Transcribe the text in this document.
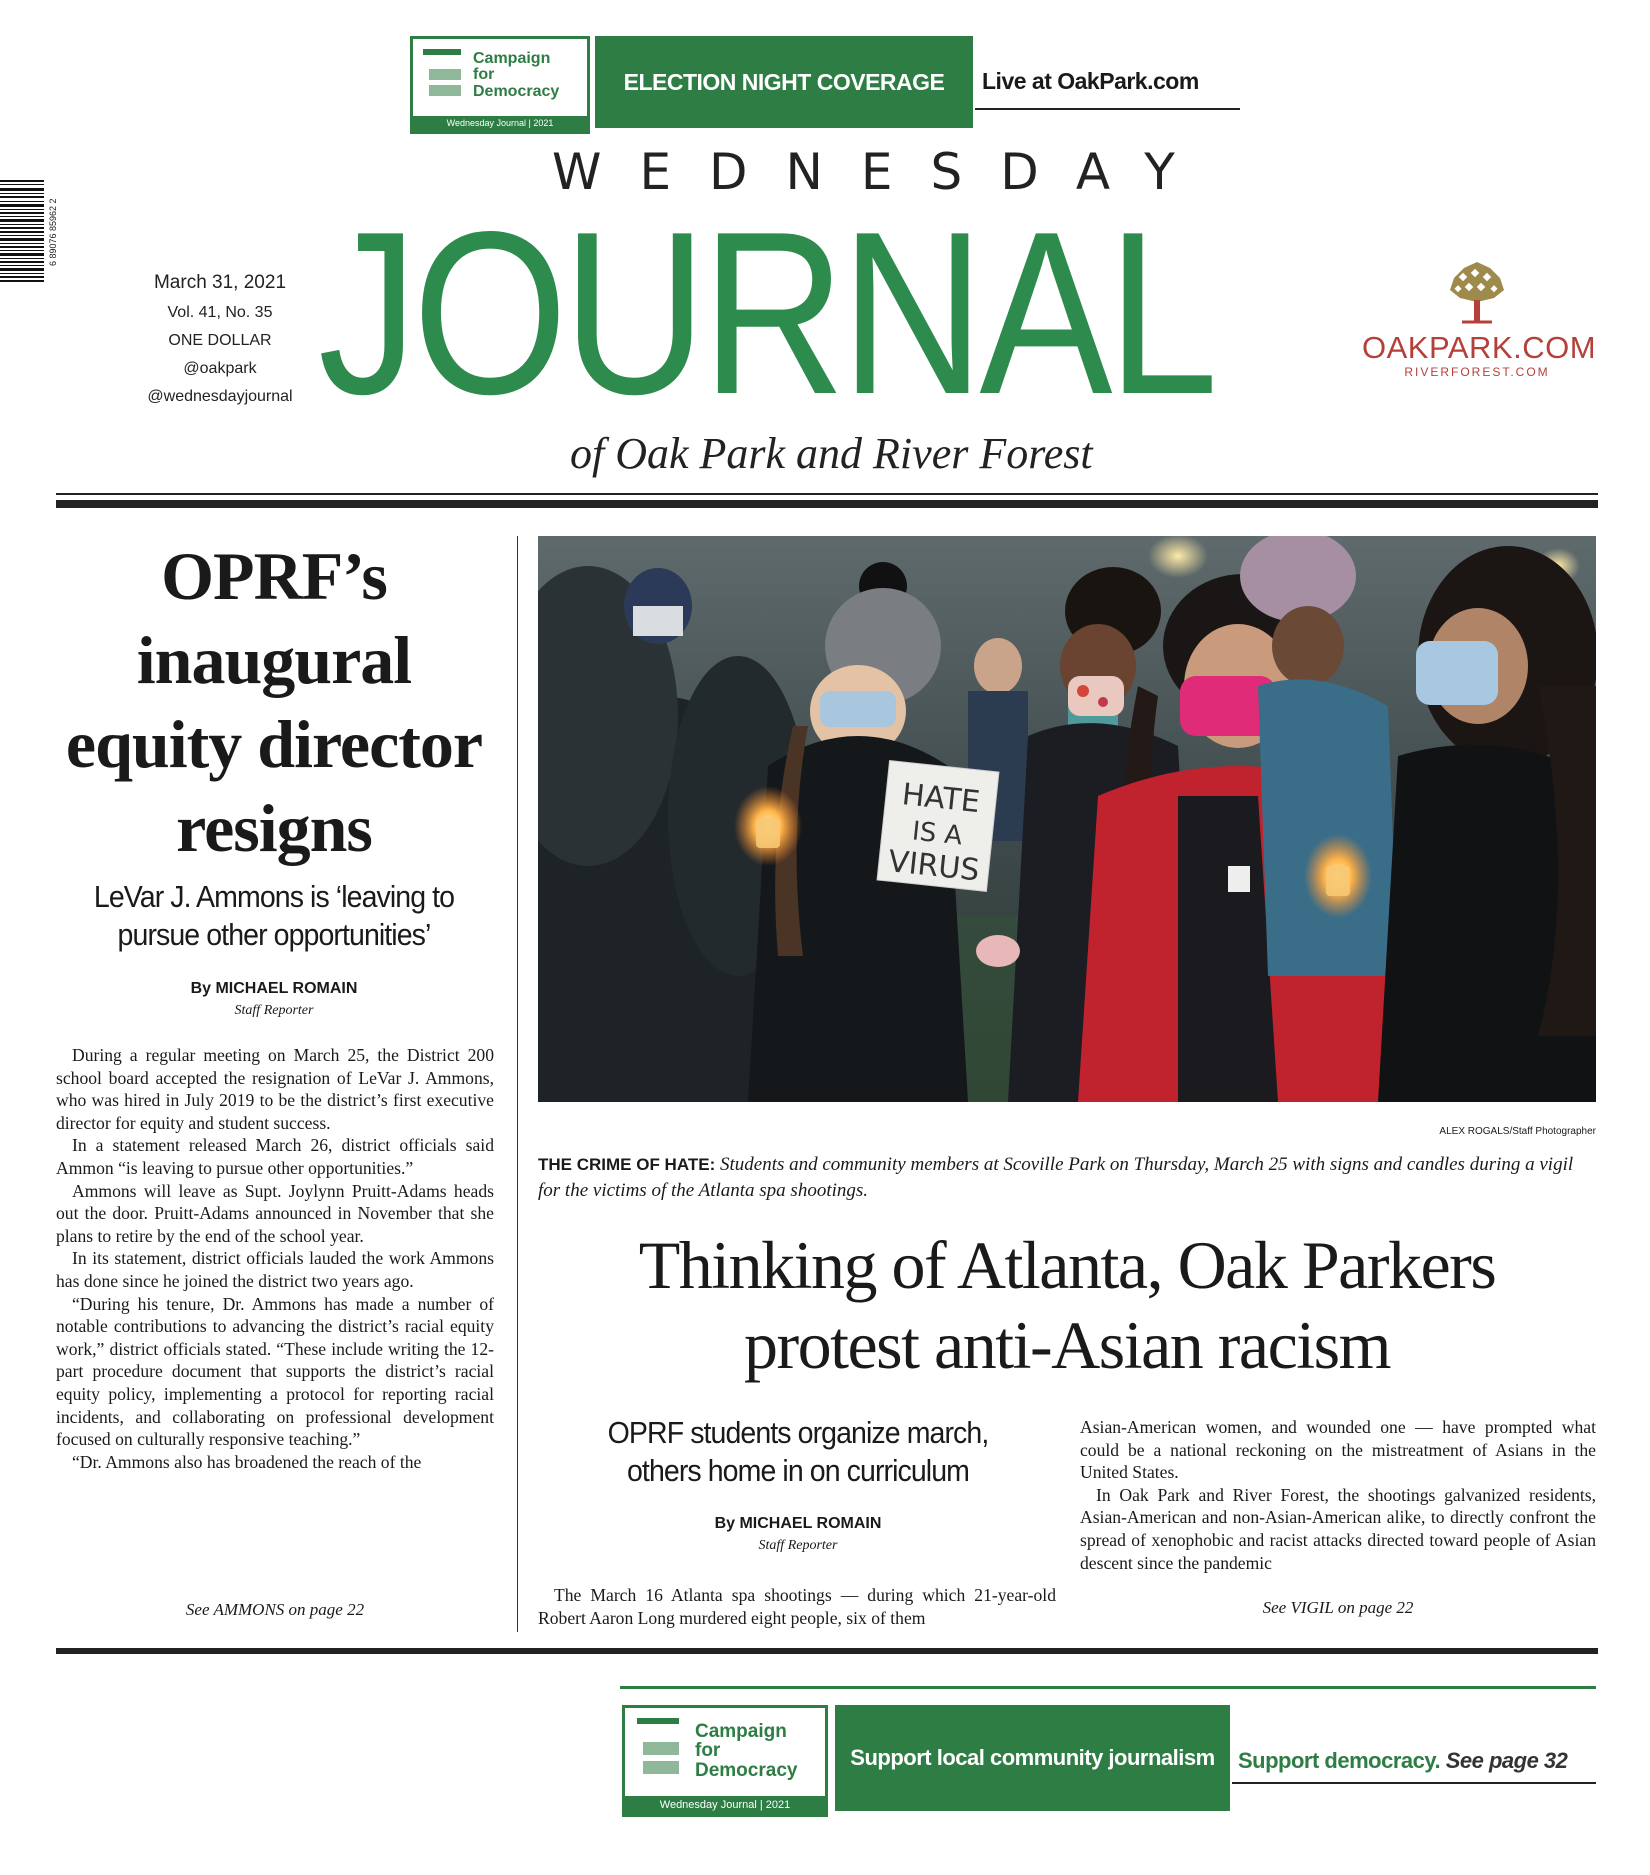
Campaign
for
Democracy
Wednesday Journal | 2021
ELECTION NIGHT COVERAGE	Live at OakPark.com
6 89076 85962 2
WEDNESDAY
JOURNAL
of Oak Park and River Forest
March 31, 2021
Vol. 41, No. 35
ONE DOLLAR
@oakpark
@wednesdayjournal
OAKPARK.COM
RIVERFOREST.COM
OPRF’s inaugural equity director resigns
LeVar J. Ammons is ‘leaving to pursue other opportunities’
By MICHAEL ROMAIN
Staff Reporter

During a regular meeting on March 25, the District 200 school board accepted the resignation of LeVar J. Ammons, who was hired in July 2019 to be the district’s first executive director for equity and student success.

In a statement released March 26, district officials said Ammon “is leaving to pursue other opportunities.”

Ammons will leave as Supt. Joylynn Pruitt-Adams heads out the door. Pruitt-Adams announced in November that she plans to retire by the end of the school year.

In its statement, district officials lauded the work Ammons has done since he joined the district two years ago.

“During his tenure, Dr. Ammons has made a number of notable contributions to advancing the district’s racial equity work,” district officials stated. “These include writing the 12-part procedure document that supports the district’s racial equity policy, implementing a protocol for reporting racial incidents, and collaborating on professional development focused on culturally responsive teaching.”

“Dr. Ammons also has broadened the reach of the

See AMMONS on page 22
HATE
IS A
VIRUS
ALEX ROGALS/Staff Photographer
THE CRIME OF HATE: Students and community members at Scoville Park on Thursday, March 25 with signs and candles during a vigil for the victims of the Atlanta spa shootings.
Thinking of Atlanta, Oak Parkers
protest anti-Asian racism
OPRF students organize march, others home in on curriculum
By MICHAEL ROMAIN
Staff Reporter

The March 16 Atlanta spa shootings — during which 21-year-old Robert Aaron Long murdered eight people, six of them

Asian-American women, and wounded one — have prompted what could be a national reckoning on the mistreatment of Asians in the United States.

In Oak Park and River Forest, the shootings galvanized residents, Asian-American and non-Asian-American alike, to directly confront the spread of xenophobic and racist attacks directed toward people of Asian descent since the pandemic

See VIGIL on page 22
Campaign
for
Democracy
Wednesday Journal | 2021
Support local community journalism	Support democracy. See page 32
